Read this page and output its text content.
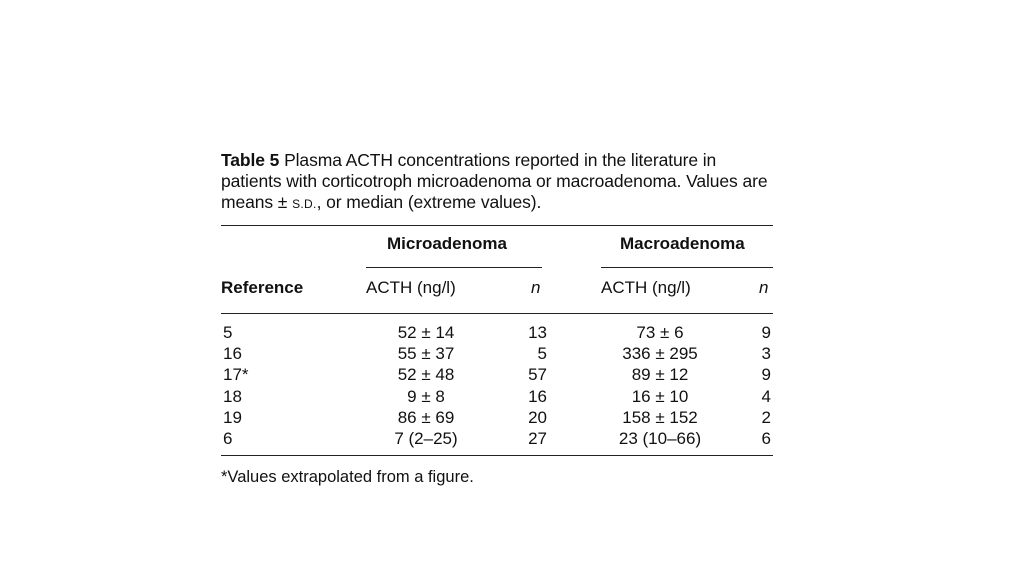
Table 5 Plasma ACTH concentrations reported in the literature in patients with corticotroph microadenoma or macroadenoma. Values are means ± S.D., or median (extreme values).

Microadenoma	Macroadenoma
Reference	ACTH (ng/l)	n	ACTH (ng/l)	n
5	52 ± 14	13	73 ± 6	9
16	55 ± 37	5	336 ± 295	3
17*	52 ± 48	57	89 ± 12	9
18	9 ± 8	16	16 ± 10	4
19	86 ± 69	20	158 ± 152	2
6	7 (2–25)	27	23 (10–66)	6
*Values extrapolated from a figure.
